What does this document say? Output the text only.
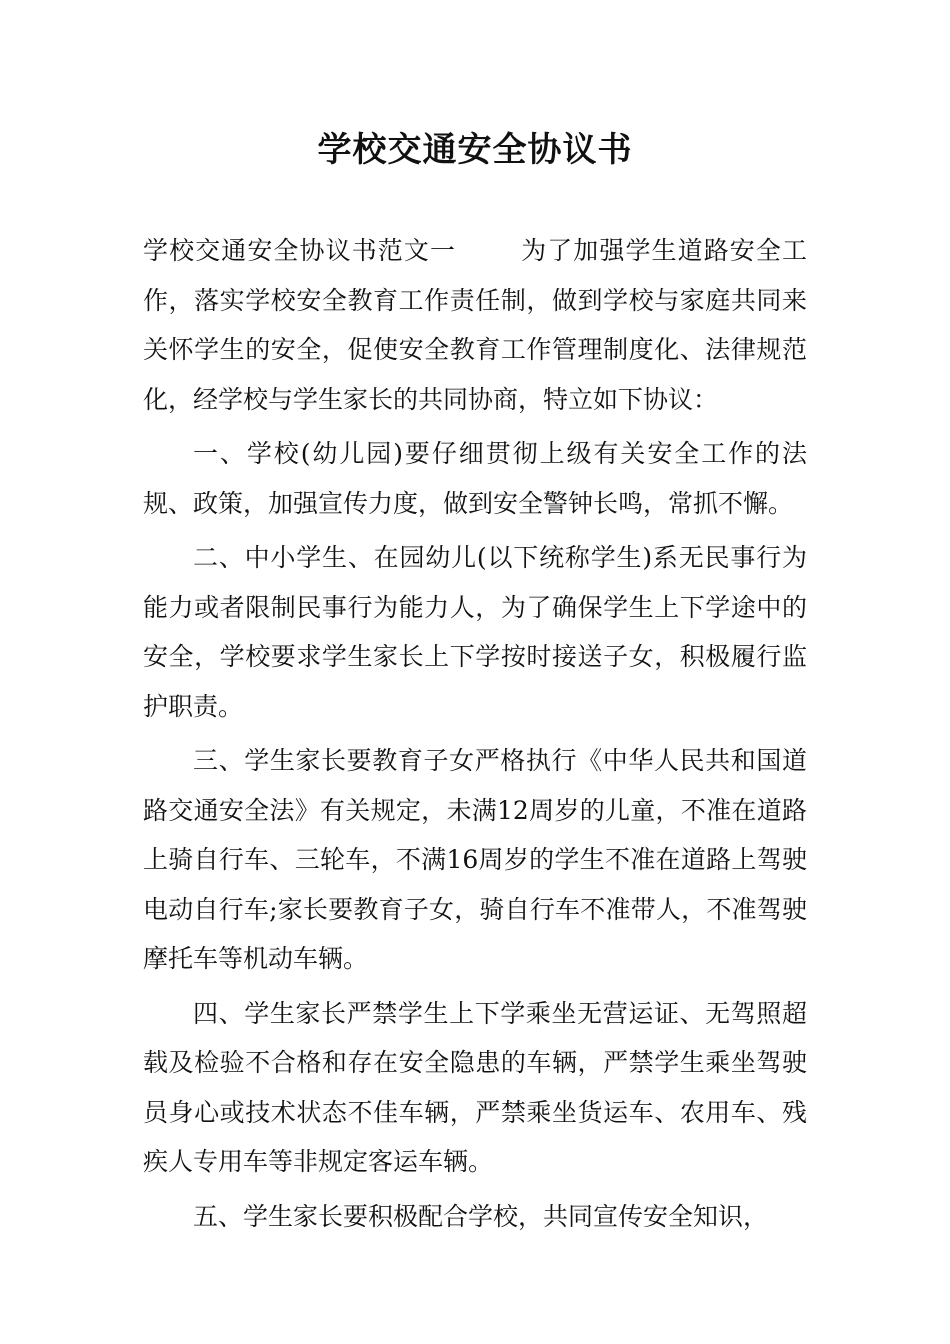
学校交通安全协议书

学校交通安全协议书范文一	为了加强学生道路安全工作，落实学校安全教育工作责任制，做到学校与家庭共同来关怀学生的安全，促使安全教育工作管理制度化、法律规范化，经学校与学生家长的共同协商，特立如下协议：

一、学校(幼儿园)要仔细贯彻上级有关安全工作的法规、政策，加强宣传力度，做到安全警钟长鸣，常抓不懈。

二、中小学生、在园幼儿(以下统称学生)系无民事行为能力或者限制民事行为能力人，为了确保学生上下学途中的安全，学校要求学生家长上下学按时接送子女，积极履行监护职责。

三、学生家长要教育子女严格执行《中华人民共和国道路交通安全法》有关规定，未满12周岁的儿童，不准在道路上骑自行车、三轮车，不满16周岁的学生不准在道路上驾驶电动自行车;家长要教育子女，骑自行车不准带人，不准驾驶摩托车等机动车辆。

四、学生家长严禁学生上下学乘坐无营运证、无驾照超载及检验不合格和存在安全隐患的车辆，严禁学生乘坐驾驶员身心或技术状态不佳车辆，严禁乘坐货运车、农用车、残疾人专用车等非规定客运车辆。

五、学生家长要积极配合学校，共同宣传安全知识，
